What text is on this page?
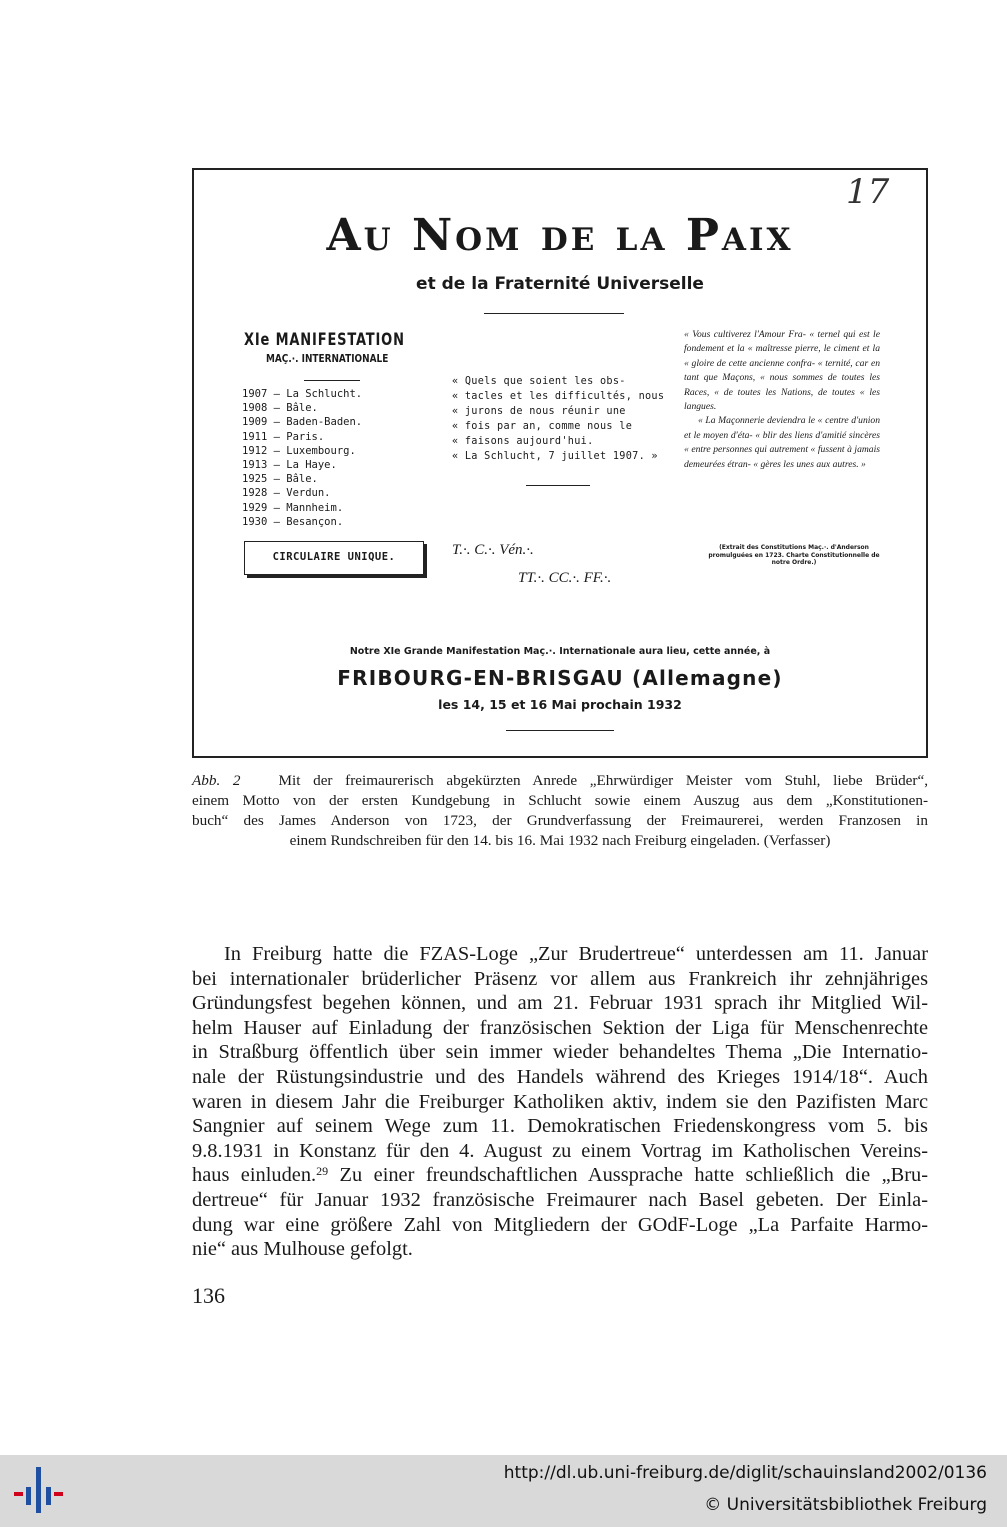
17
Au Nom de la Paix
et de la Fraternité Universelle
XIe MANIFESTATION
MAÇ.·. INTERNATIONALE
1907 — La Schlucht.
1908 — Bâle.
1909 — Baden-Baden.
1911 — Paris.
1912 — Luxembourg.
1913 — La Haye.
1925 — Bâle.
1928 — Verdun.
1929 — Mannheim.
1930 — Besançon.
CIRCULAIRE UNIQUE.
« Quels que soient les obs-
« tacles et les difficultés, nous
« jurons de nous réunir une
« fois par an, comme nous le
« faisons aujourd'hui.
« La Schlucht, 7 juillet 1907. »
T.·. C.·. Vén.·.
TT.·. CC.·. FF.·.

« Vous cultiverez l'Amour Fra- « ternel qui est le fondement et la « maîtresse pierre, le ciment et la « gloire de cette ancienne confra- « ternité, car en tant que Maçons, « nous sommes de toutes les Races, « de toutes les Nations, de toutes « les langues.

« La Maçonnerie deviendra le « centre d'union et le moyen d'éta- « blir des liens d'amitié sincères « entre personnes qui autrement « fussent à jamais demeurées étran- « gères les unes aux autres. »

(Extrait des Constitutions Maç.·. d'Anderson promulguées en 1723. Charte Constitutionnelle de notre Ordre.)
Notre XIe Grande Manifestation Maç.·. Internationale aura lieu, cette année, à
FRIBOURG-EN-BRISGAU (Allemagne)
les 14, 15 et 16 Mai prochain 1932

Abb. 2 Mit der freimaurerisch abgekürzten Anrede „Ehrwürdiger Meister vom Stuhl, liebe Brüder“,

einem Motto von der ersten Kundgebung in Schlucht sowie einem Auszug aus dem „Konstitutionen-

buch“ des James Anderson von 1723, der Grundverfassung der Freimaurerei, werden Franzosen in

einem Rundschreiben für den 14. bis 16. Mai 1932 nach Freiburg eingeladen. (Verfasser)

In Freiburg hatte die FZAS-Loge „Zur Brudertreue“ unterdessen am 11. Januar
bei internationaler brüderlicher Präsenz vor allem aus Frankreich ihr zehnjähriges
Gründungsfest begehen können, und am 21. Februar 1931 sprach ihr Mitglied Wil-
helm Hauser auf Einladung der französischen Sektion der Liga für Menschenrechte
in Straßburg öffentlich über sein immer wieder behandeltes Thema „Die Internatio-
nale der Rüstungsindustrie und des Handels während des Krieges 1914/18“. Auch
waren in diesem Jahr die Freiburger Katholiken aktiv, indem sie den Pazifisten Marc
Sangnier auf seinem Wege zum 11. Demokratischen Friedenskongress vom 5. bis
9.8.1931 in Konstanz für den 4. August zu einem Vortrag im Katholischen Vereins-
haus einluden.$^{29}$ Zu einer freundschaftlichen Aussprache hatte schließlich die „Bru-
dertreue“ für Januar 1932 französische Freimaurer nach Basel gebeten. Der Einla-
dung war eine größere Zahl von Mitgliedern der GOdF-Loge „La Parfaite Harmo-
nie“ aus Mulhouse gefolgt.
136
http://dl.ub.uni-freiburg.de/diglit/schauinsland2002/0136
© Universitätsbibliothek Freiburg
